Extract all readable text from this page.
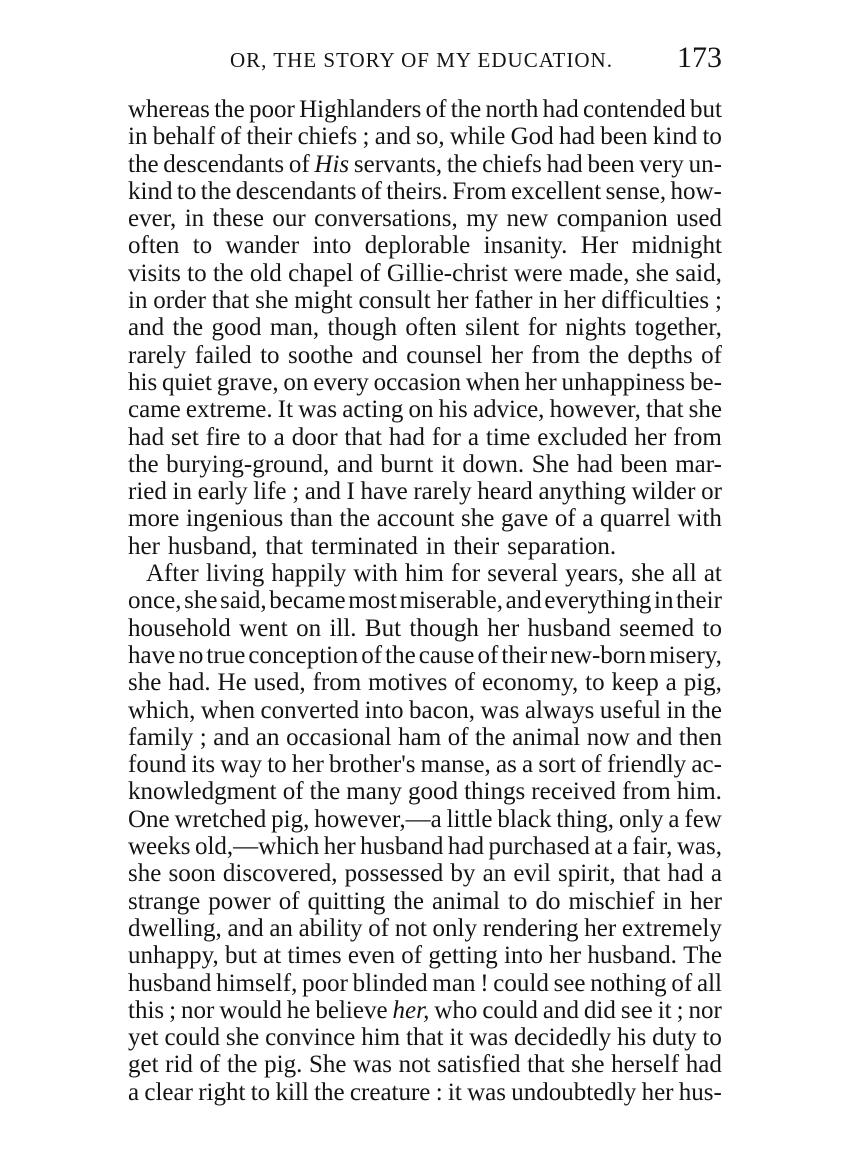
OR, THE STORY OF MY EDUCATION. 173
whereas the poor Highlanders of the north had contended but
in behalf of their chiefs ; and so, while God had been kind to
the descendants of His servants, the chiefs had been very un-
kind to the descendants of theirs. From excellent sense, how-
ever, in these our conversations, my new companion used
often to wander into deplorable insanity. Her midnight
visits to the old chapel of Gillie-christ were made, she said,
in order that she might consult her father in her difficulties ;
and the good man, though often silent for nights together,
rarely failed to soothe and counsel her from the depths of
his quiet grave, on every occasion when her unhappiness be-
came extreme. It was acting on his advice, however, that she
had set fire to a door that had for a time excluded her from
the burying-ground, and burnt it down. She had been mar-
ried in early life ; and I have rarely heard anything wilder or
more ingenious than the account she gave of a quarrel with
her husband, that terminated in their separation.
After living happily with him for several years, she all at
once, she said, became most miserable, and everything in their
household went on ill. But though her husband seemed to
have no true conception of the cause of their new-born misery,
she had. He used, from motives of economy, to keep a pig,
which, when converted into bacon, was always useful in the
family ; and an occasional ham of the animal now and then
found its way to her brother's manse, as a sort of friendly ac-
knowledgment of the many good things received from him.
One wretched pig, however,—a little black thing, only a few
weeks old,—which her husband had purchased at a fair, was,
she soon discovered, possessed by an evil spirit, that had a
strange power of quitting the animal to do mischief in her
dwelling, and an ability of not only rendering her extremely
unhappy, but at times even of getting into her husband. The
husband himself, poor blinded man ! could see nothing of all
this ; nor would he believe her, who could and did see it ; nor
yet could she convince him that it was decidedly his duty to
get rid of the pig. She was not satisfied that she herself had
a clear right to kill the creature : it was undoubtedly her hus-
